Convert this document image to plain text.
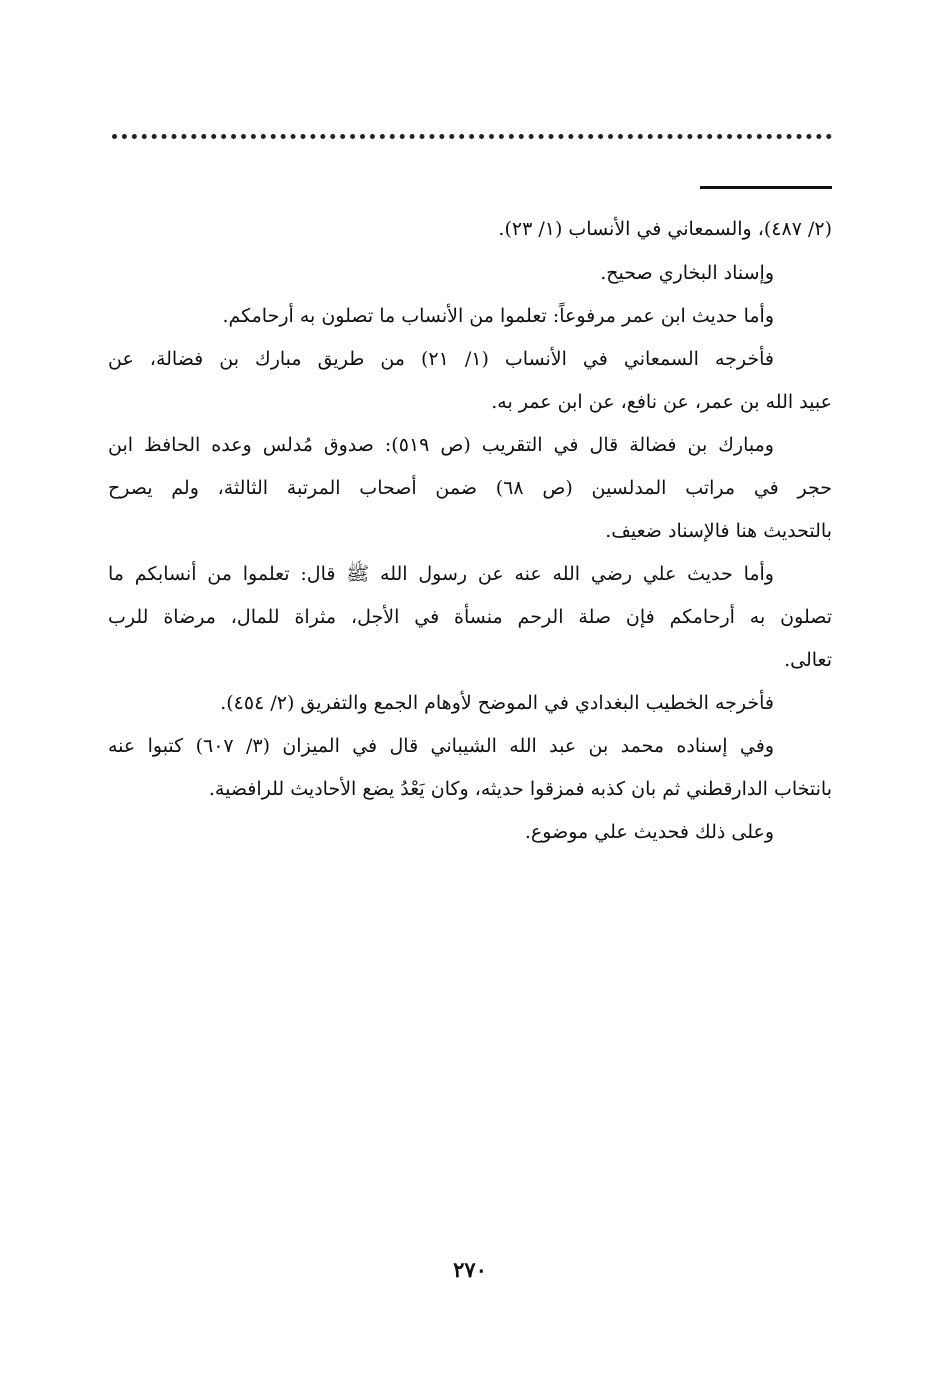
(٢/ ٤٨٧)، والسمعاني في الأنساب (١/ ٢٣).
وإسناد البخاري صحيح.
وأما حديث ابن عمر مرفوعاً: تعلموا من الأنساب ما تصلون به أرحامكم.
فأخرجه السمعاني في الأنساب (١/ ٢١) من طريق مبارك بن فضالة، عن
عبيد الله بن عمر، عن نافع، عن ابن عمر به.
ومبارك بن فضالة قال في التقريب (ص ٥١٩): صدوق مُدلس وعده الحافظ ابن
حجر في مراتب المدلسين (ص ٦٨) ضمن أصحاب المرتبة الثالثة، ولم يصرح
بالتحديث هنا فالإسناد ضعيف.
وأما حديث علي رضي الله عنه عن رسول الله ﷺ قال: تعلموا من أنسابكم ما
تصلون به أرحامكم فإن صلة الرحم منسأة في الأجل، مثراة للمال، مرضاة للرب
تعالى.
فأخرجه الخطيب البغدادي في الموضح لأوهام الجمع والتفريق (٢/ ٤٥٤).
وفي إسناده محمد بن عبد الله الشيباني قال في الميزان (٣/ ٦٠٧) كتبوا عنه
بانتخاب الدارقطني ثم بان كذبه فمزقوا حديثه، وكان يَعْدُ يضع الأحاديث للرافضية.
وعلى ذلك فحديث علي موضوع.
٢٧٠
